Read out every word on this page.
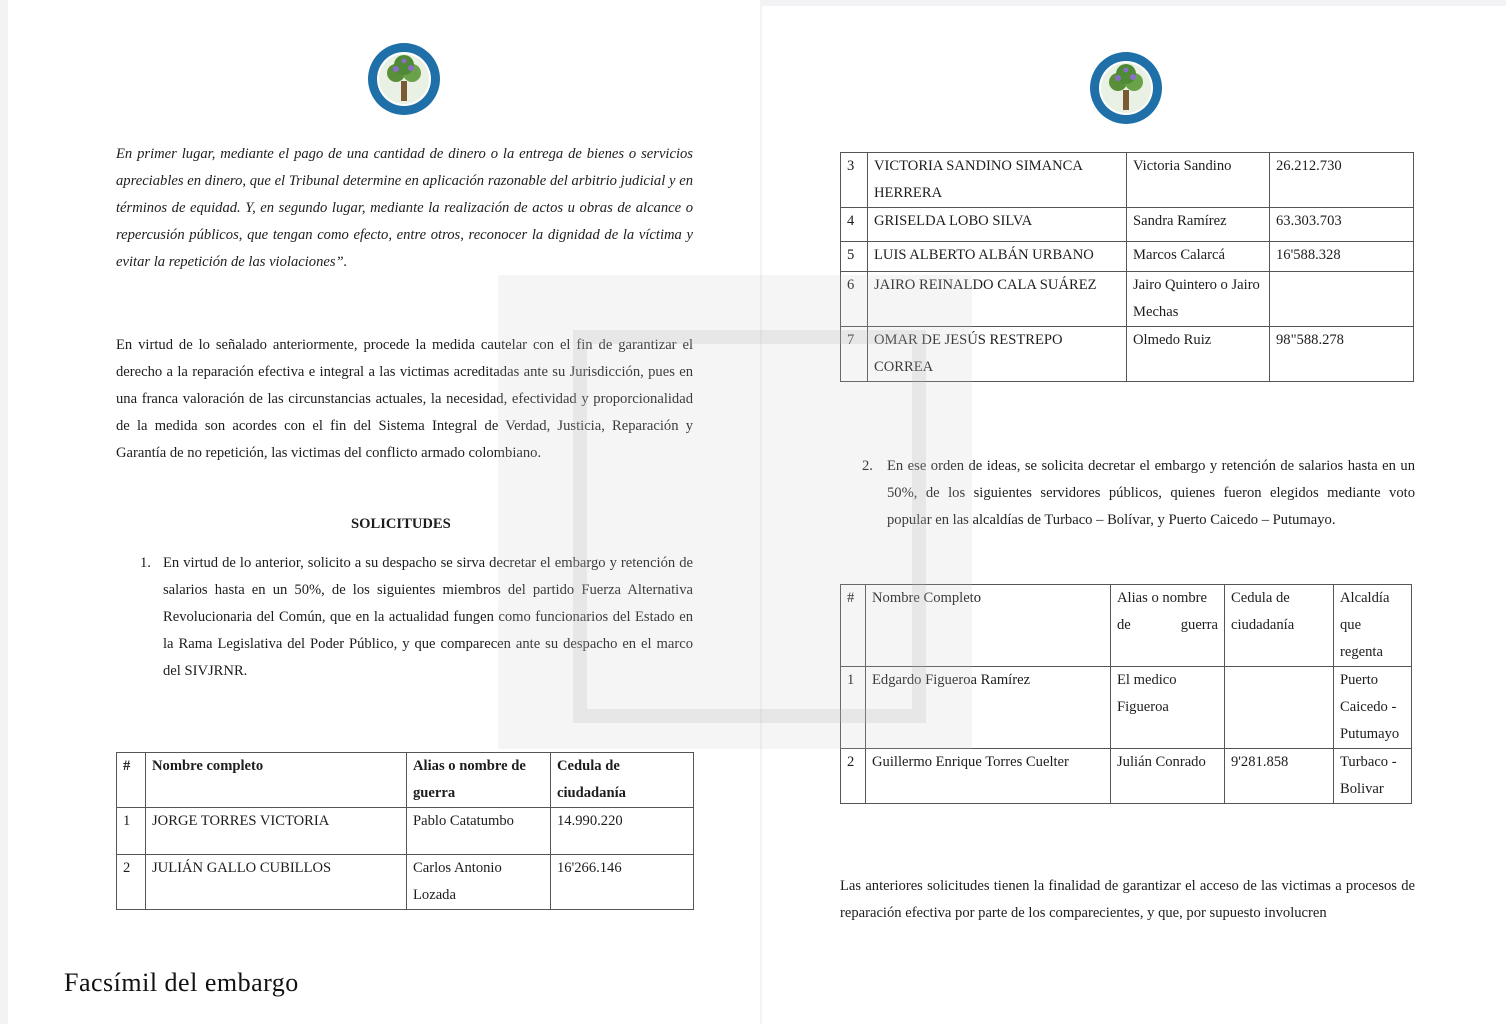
En primer lugar, mediante el pago de una cantidad de dinero o la entrega de bienes o servicios apreciables en dinero, que el Tribunal determine en aplicación razonable del arbitrio judicial y en términos de equidad. Y, en segundo lugar, mediante la realización de actos u obras de alcance o repercusión públicos, que tengan como efecto, entre otros, reconocer la dignidad de la víctima y evitar la repetición de las violaciones”.

En virtud de lo señalado anteriormente, procede la medida cautelar con el fin de garantizar el derecho a la reparación efectiva e integral a las victimas acreditadas ante su Jurisdicción, pues en una franca valoración de las circunstancias actuales, la necesidad, efectividad y proporcionalidad de la medida son acordes con el fin del Sistema Integral de Verdad, Justicia, Reparación y Garantía de no repetición, las victimas del conflicto armado colombiano.

SOLICITUDES
1. En virtud de lo anterior, solicito a su despacho se sirva decretar el embargo y retención de salarios hasta en un 50%, de los siguientes miembros del partido Fuerza Alternativa Revolucionaria del Común, que en la actualidad fungen como funcionarios del Estado en la Rama Legislativa del Poder Público, y que comparecen ante su despacho en el marco del SIVJRNR.

#	Nombre completo	Alias o nombre de guerra	Cedula de ciudadanía
1	JORGE TORRES VICTORIA	Pablo Catatumbo	14.990.220
2	JULIÁN GALLO CUBILLOS	Carlos Antonio Lozada	16'266.146
3	VICTORIA SANDINO SIMANCA HERRERA	Victoria Sandino	26.212.730
4	GRISELDA LOBO SILVA	Sandra Ramírez	63.303.703
5	LUIS ALBERTO ALBÁN URBANO	Marcos Calarcá	16'588.328
6	JAIRO REINALDO CALA SUÁREZ	Jairo Quintero o Jairo Mechas	
7	OMAR DE JESÚS RESTREPO CORREA	Olmedo Ruiz	98"588.278
2. En ese orden de ideas, se solicita decretar el embargo y retención de salarios hasta en un 50%, de los siguientes servidores públicos, quienes fueron elegidos mediante voto popular en las alcaldías de Turbaco – Bolívar, y Puerto Caicedo – Putumayo.

#	Nombre Completo	Alias o nombre de guerra	Cedula de ciudadanía	Alcaldía que regenta
1	Edgardo Figueroa Ramírez	El medico Figueroa		Puerto Caicedo - Putumayo
2	Guillermo Enrique Torres Cuelter	Julián Conrado	9'281.858	Turbaco - Bolivar

Las anteriores solicitudes tienen la finalidad de garantizar el acceso de las victimas a procesos de reparación efectiva por parte de los comparecientes, y que, por supuesto involucren

Facsímil del embargo
